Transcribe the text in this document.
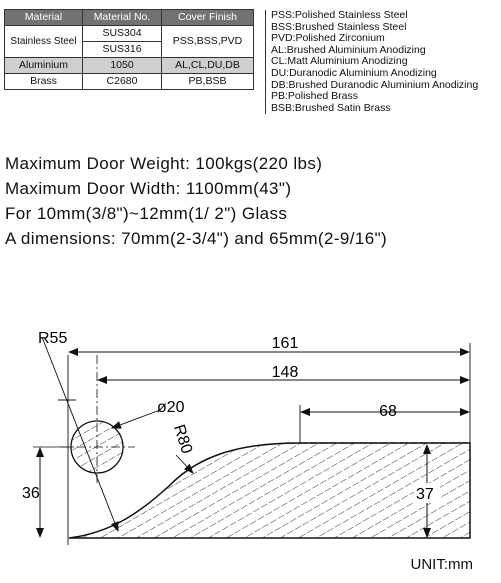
Material	Material No.	Cover Finish
Stainless Steel	SUS304	PSS,BSS,PVD
	SUS316	
Aluminium	1050	AL,CL,DU,DB
Brass	C2680	PB,BSB
PSS:Polished Stainless Steel
BSS:Brushed Stainless Steel
PVD:Polished Zirconium
AL:Brushed Aluminium Anodizing
CL:Matt Aluminium Anodizing
DU:Duranodic Aluminium Anodizing
DB:Brushed Duranodic Aluminium Anodizing
PB:Polished Brass
BSB:Brushed Satin Brass
Maximum Door Weight: 100kgs(220 lbs)
Maximum Door Width: 1100mm(43")
For 10mm(3/8")~12mm(1/ 2") Glass
A dimensions: 70mm(2-3/4") and 65mm(2-9/16")
161
148
68
R55
ø20
R80
36	37
UNIT:mm
